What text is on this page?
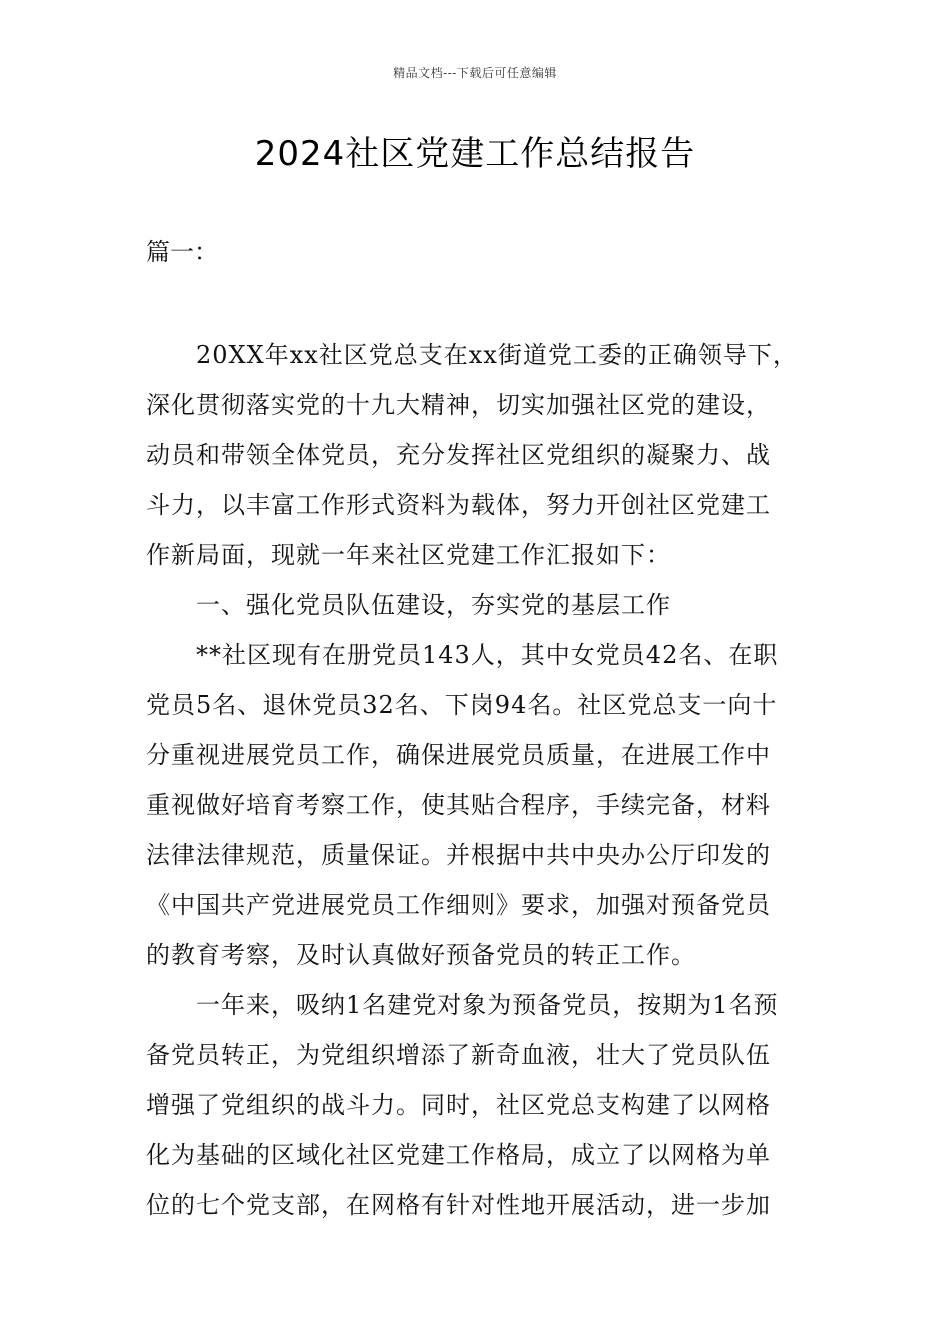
精品文档---下载后可任意编辑
2024社区党建工作总结报告
篇一：
20XX年xx社区党总支在xx街道党工委的正确领导下，
深化贯彻落实党的十九大精神，切实加强社区党的建设，
动员和带领全体党员，充分发挥社区党组织的凝聚力、战
斗力，以丰富工作形式资料为载体，努力开创社区党建工
作新局面，现就一年来社区党建工作汇报如下：
一、强化党员队伍建设，夯实党的基层工作
**社区现有在册党员143人，其中女党员42名、在职
党员5名、退休党员32名、下岗94名。社区党总支一向十
分重视进展党员工作，确保进展党员质量，在进展工作中
重视做好培育考察工作，使其贴合程序，手续完备，材料
法律法律规范，质量保证。并根据中共中央办公厅印发的
《中国共产党进展党员工作细则》要求，加强对预备党员
的教育考察，及时认真做好预备党员的转正工作。
一年来，吸纳1名建党对象为预备党员，按期为1名预
备党员转正，为党组织增添了新奇血液，壮大了党员队伍
增强了党组织的战斗力。同时，社区党总支构建了以网格
化为基础的区域化社区党建工作格局，成立了以网格为单
位的七个党支部，在网格有针对性地开展活动，进一步加
